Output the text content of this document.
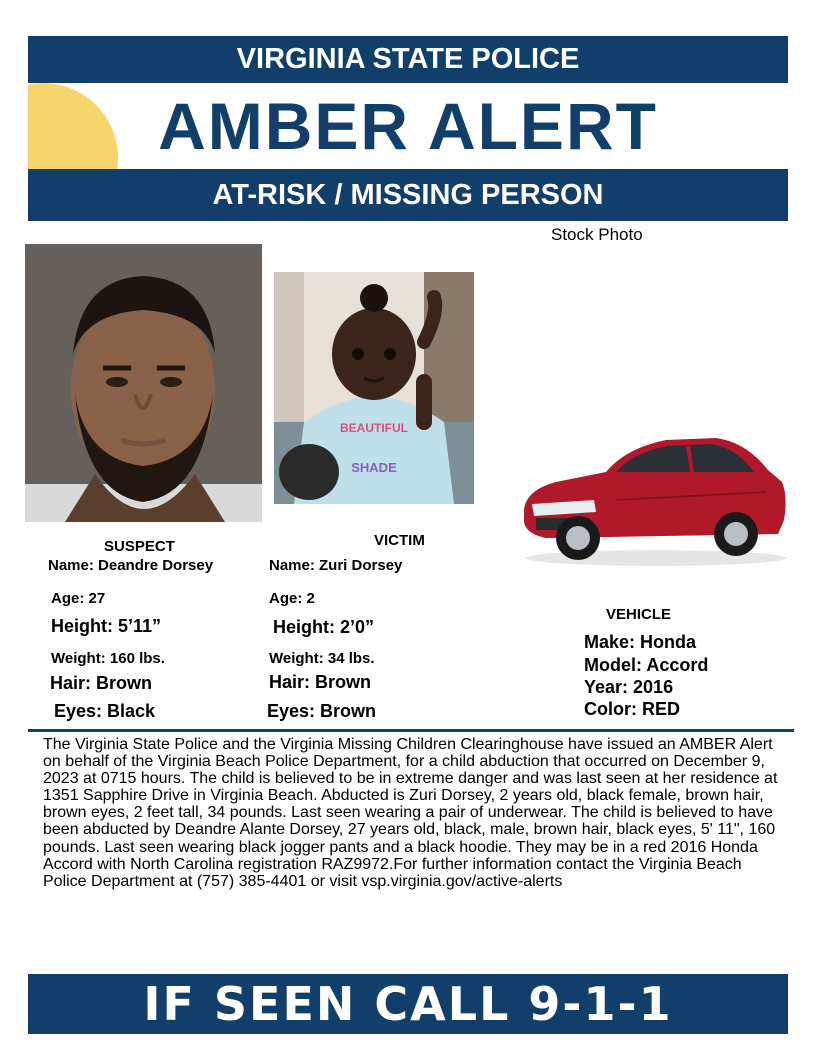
VIRGINIA STATE POLICE
AMBER ALERT
AT-RISK / MISSING PERSON
Stock Photo
BEAUTIFUL
SHADE
SUSPECT
Name: Deandre Dorsey
Age: 27
Height: 5’11”
Weight: 160 lbs.
Hair: Brown
Eyes: Black
VICTIM
Name: Zuri Dorsey
Age: 2
Height: 2’0”
Weight: 34 lbs.
Hair: Brown
Eyes: Brown
VEHICLE
Make: Honda
Model: Accord
Year: 2016
Color: RED
The Virginia State Police and the Virginia Missing Children Clearinghouse have issued an AMBER Alert on behalf of the Virginia Beach Police Department, for a child abduction that occurred on December 9, 2023 at 0715 hours. The child is believed to be in extreme danger and was last seen at her residence at 1351 Sapphire Drive in Virginia Beach. Abducted is Zuri Dorsey, 2 years old, black female, brown hair, brown eyes, 2 feet tall, 34 pounds. Last seen wearing a pair of underwear. The child is believed to have been abducted by Deandre Alante Dorsey, 27 years old, black, male, brown hair, black eyes, 5' 11", 160 pounds. Last seen wearing black jogger pants and a black hoodie. They may be in a red 2016 Honda Accord with North Carolina registration RAZ9972.For further information contact the Virginia Beach Police Department at (757) 385-4401 or visit vsp.virginia.gov/active-alerts
IF SEEN CALL 9-1-1
